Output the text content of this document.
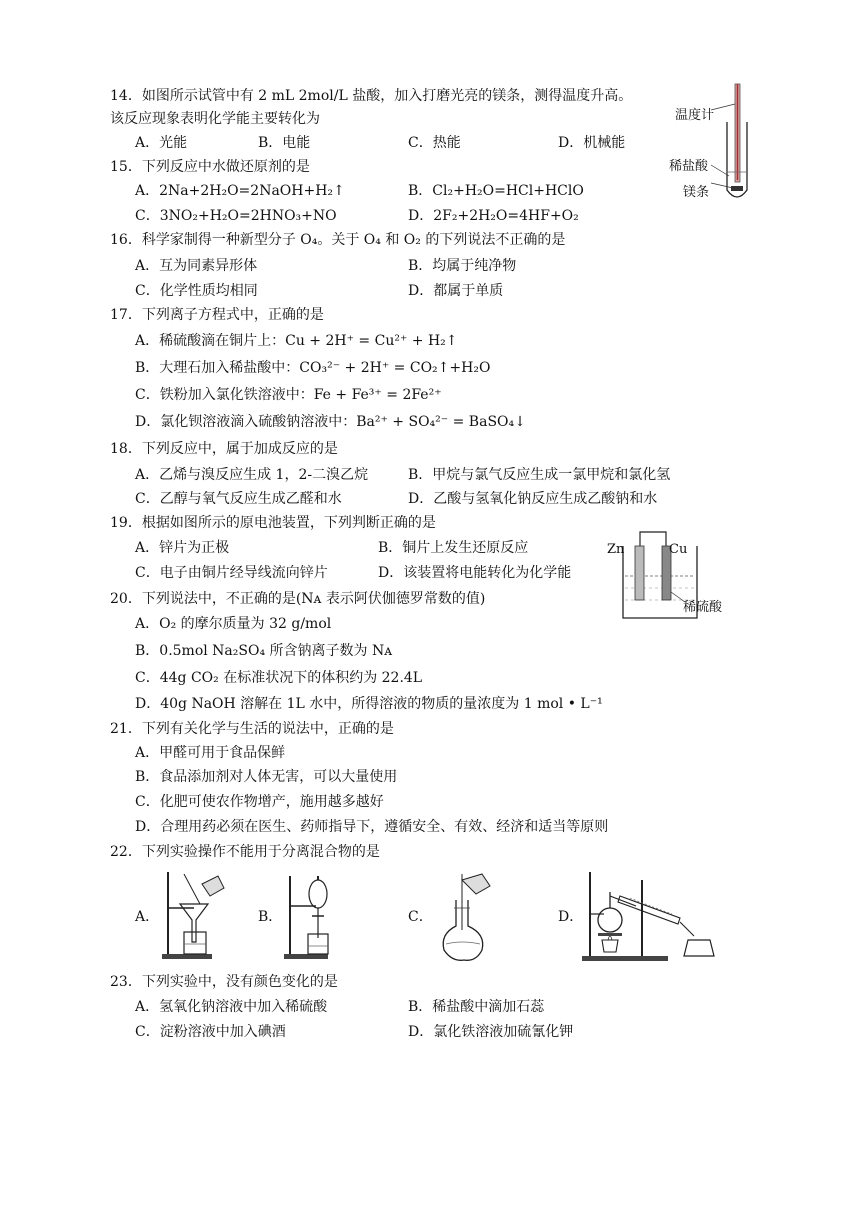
14．如图所示试管中有 2 mL 2mol/L 盐酸，加入打磨光亮的镁条，测得温度升高。
该反应现象表明化学能主要转化为
A．光能	B．电能	C．热能	D．机械能
温度计
稀盐酸
镁条
15．下列反应中水做还原剂的是
A．2Na+2H₂O=2NaOH+H₂↑	B．Cl₂+H₂O=HCl+HClO
C．3NO₂+H₂O=2HNO₃+NO	D．2F₂+2H₂O=4HF+O₂
16．科学家制得一种新型分子 O₄。关于 O₄ 和 O₂ 的下列说法不正确的是
A．互为同素异形体	B．均属于纯净物
C．化学性质均相同	D．都属于单质
17．下列离子方程式中，正确的是
A．稀硫酸滴在铜片上：Cu + 2H⁺ = Cu²⁺ + H₂↑
B．大理石加入稀盐酸中：CO₃²⁻ + 2H⁺ = CO₂↑+H₂O
C．铁粉加入氯化铁溶液中：Fe + Fe³⁺ = 2Fe²⁺
D．氯化钡溶液滴入硫酸钠溶液中：Ba²⁺ + SO₄²⁻ = BaSO₄↓
18．下列反应中，属于加成反应的是
A．乙烯与溴反应生成 1，2-二溴乙烷	B．甲烷与氯气反应生成一氯甲烷和氯化氢
C．乙醇与氧气反应生成乙醛和水	D．乙酸与氢氧化钠反应生成乙酸钠和水
19．根据如图所示的原电池装置，下列判断正确的是
A．锌片为正极	B．铜片上发生还原反应
C．电子由铜片经导线流向锌片	D．该装置将电能转化为化学能
Zn	Cu
稀硫酸
20．下列说法中，不正确的是(Nᴀ 表示阿伏伽德罗常数的值)
A．O₂ 的摩尔质量为 32 g/mol
B．0.5mol Na₂SO₄ 所含钠离子数为 Nᴀ
C．44g CO₂ 在标准状况下的体积约为 22.4L
D．40g NaOH 溶解在 1L 水中，所得溶液的物质的量浓度为 1 mol • L⁻¹
21．下列有关化学与生活的说法中，正确的是
A．甲醛可用于食品保鲜
B．食品添加剂对人体无害，可以大量使用
C．化肥可使农作物增产，施用越多越好
D．合理用药必须在医生、药师指导下，遵循安全、有效、经济和适当等原则
22．下列实验操作不能用于分离混合物的是
A．	B．	C．	D．
23．下列实验中，没有颜色变化的是
A．氢氧化钠溶液中加入稀硫酸	B．稀盐酸中滴加石蕊
C．淀粉溶液中加入碘酒	D．氯化铁溶液加硫氰化钾
